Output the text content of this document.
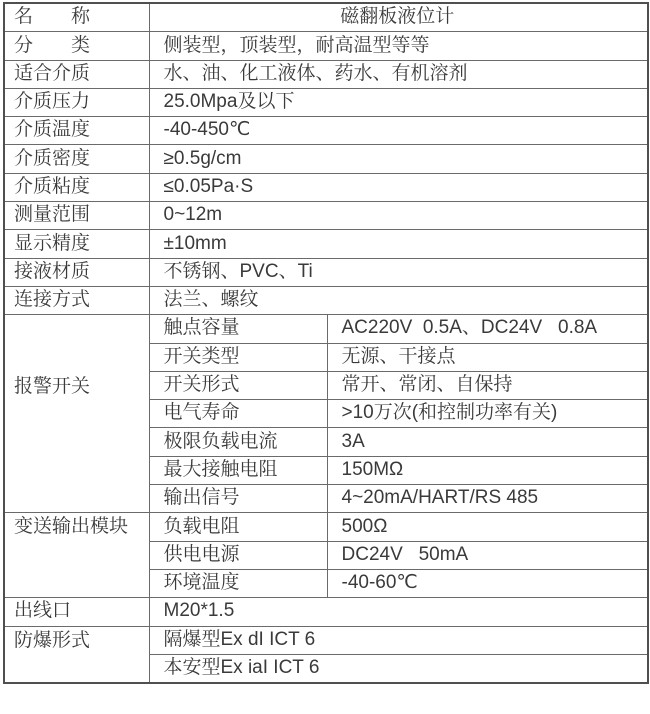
名　　称	磁翻板液位计	
分　　类	侧装型，顶装型，耐高温型等等	
适合介质	水、油、化工液体、药水、有机溶剂	
介质压力	25.0Mpa及以下	
介质温度	-40-450℃	
介质密度	≥0.5g/cm	
介质粘度	≤0.05Pa·S	
测量范围	0~12m	
显示精度	±10mm	
接液材质	不锈钢、PVC、Ti	
连接方式	法兰、螺纹	
报警开关	触点容量	AC220V  0.5A、DC24V   0.8A
	开关类型	无源、干接点
	开关形式	常开、常闭、自保持
	电气寿命	>10万次(和控制功率有关)
	极限负载电流	3A
	最大接触电阻	150MΩ
	输出信号	4~20mA/HART/RS 485
变送输出模块	负载电阻	500Ω
	供电电源	DC24V   50mA
	环境温度	-40-60℃
出线口	M20*1.5	
防爆形式	隔爆型Ex dI ICT 6	
	本安型Ex iaI ICT 6	
